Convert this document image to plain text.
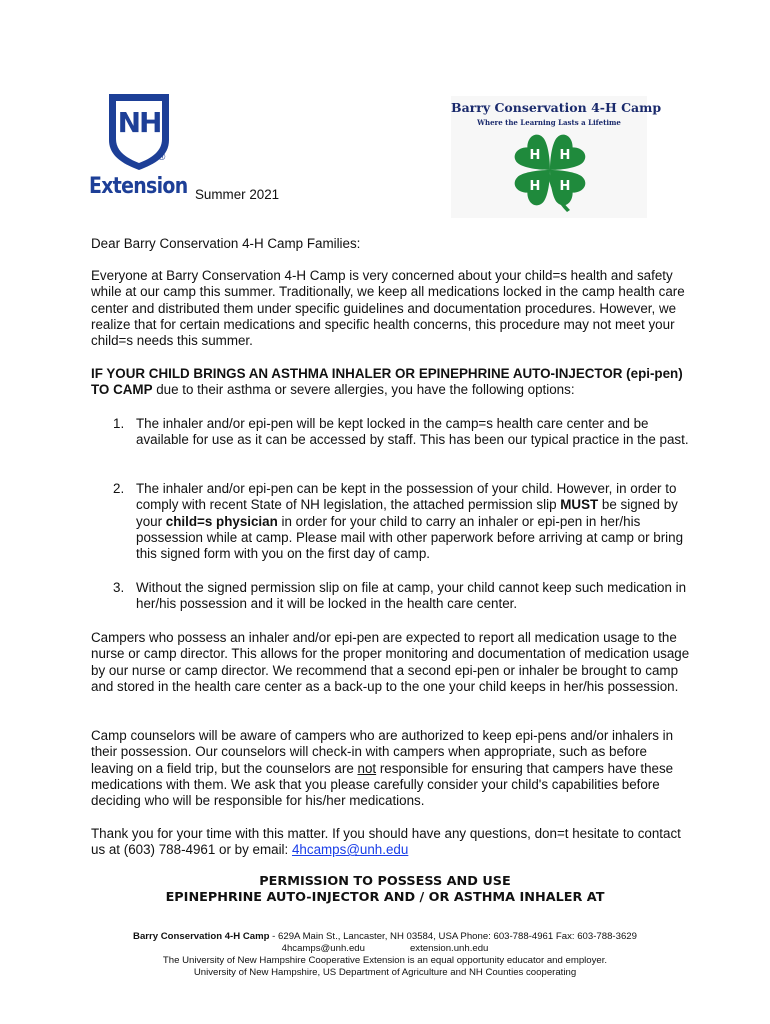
NH
®
Extension Summer 2021
Barry Conservation 4-H Camp
Where the Learning Lasts a Lifetime
H H
H H
Dear Barry Conservation 4-H Camp Families:
Everyone at Barry Conservation 4-H Camp is very concerned about your child=s health and safety while at our camp this summer. Traditionally, we keep all medications locked in the camp health care center and distributed them under specific guidelines and documentation procedures. However, we realize that for certain medications and specific health concerns, this procedure may not meet your child=s needs this summer.
IF YOUR CHILD BRINGS AN ASTHMA INHALER OR EPINEPHRINE AUTO-INJECTOR (epi-pen) TO CAMP due to their asthma or severe allergies, you have the following options:
1. The inhaler and/or epi-pen will be kept locked in the camp=s health care center and be available for use as it can be accessed by staff. This has been our typical practice in the past.
2. The inhaler and/or epi-pen can be kept in the possession of your child. However, in order to comply with recent State of NH legislation, the attached permission slip MUST be signed by your child=s physician in order for your child to carry an inhaler or epi-pen in her/his possession while at camp. Please mail with other paperwork before arriving at camp or bring this signed form with you on the first day of camp.
3. Without the signed permission slip on file at camp, your child cannot keep such medication in her/his possession and it will be locked in the health care center.
Campers who possess an inhaler and/or epi-pen are expected to report all medication usage to the nurse or camp director. This allows for the proper monitoring and documentation of medication usage by our nurse or camp director. We recommend that a second epi-pen or inhaler be brought to camp and stored in the health care center as a back-up to the one your child keeps in her/his possession.
Camp counselors will be aware of campers who are authorized to keep epi-pens and/or inhalers in their possession. Our counselors will check-in with campers when appropriate, such as before leaving on a field trip, but the counselors are not responsible for ensuring that campers have these medications with them. We ask that you please carefully consider your child's capabilities before deciding who will be responsible for his/her medications.
Thank you for your time with this matter. If you should have any questions, don=t hesitate to contact us at (603) 788-4961 or by email: 4hcamps@unh.edu
PERMISSION TO POSSESS AND USE
EPINEPHRINE AUTO-INJECTOR AND / OR ASTHMA INHALER AT
Barry Conservation 4-H Camp - 629A Main St., Lancaster, NH 03584, USA Phone: 603-788-4961 Fax: 603-788-3629
4hcamps@unh.edu	extension.unh.edu
The University of New Hampshire Cooperative Extension is an equal opportunity educator and employer.
University of New Hampshire, US Department of Agriculture and NH Counties cooperating
